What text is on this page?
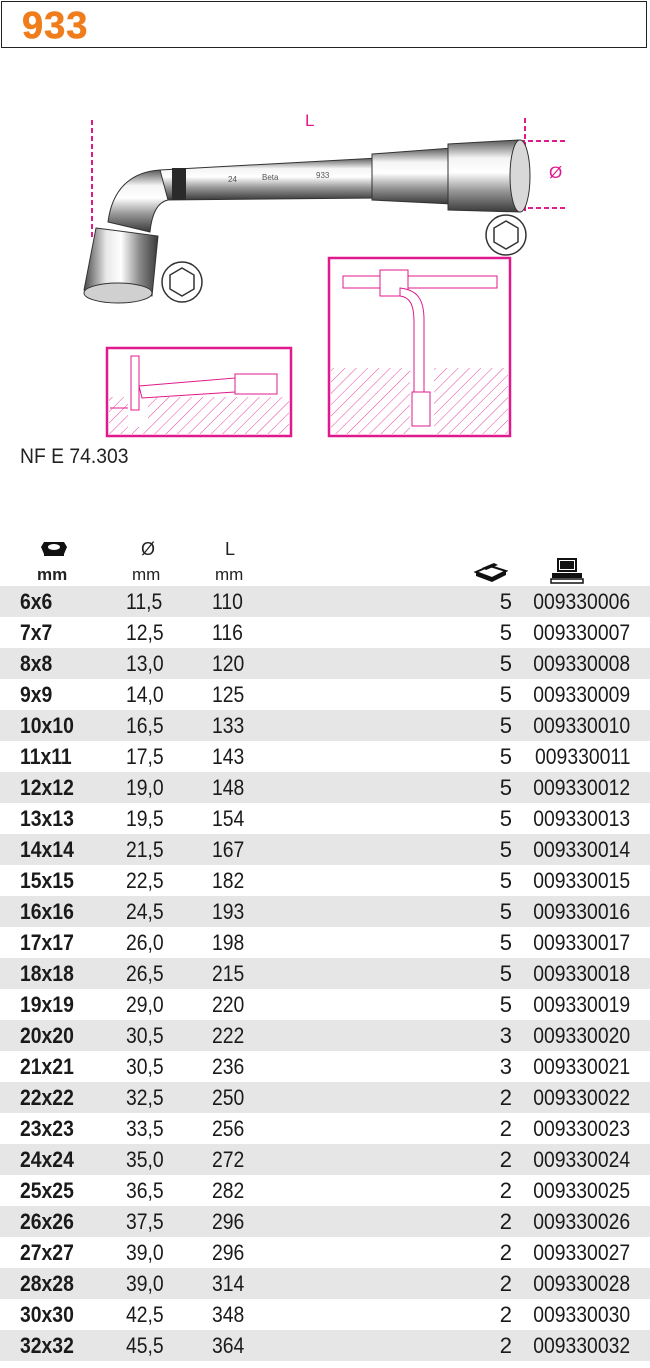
933
L
Ø
24	Beta	933
NF E 74.303
Ø	L
mm	mm	mm
6x6	11,5 110	5 009330006
7x7	12,5 116	5 009330007
8x8	13,0 120	5 009330008
9x9	14,0 125	5 009330009
10x10 16,5 133	5 009330010
11x11 17,5 143	5 009330011
12x12 19,0 148	5 009330012
13x13 19,5 154	5 009330013
14x14 21,5 167	5 009330014
15x15 22,5 182	5 009330015
16x16 24,5 193	5 009330016
17x17 26,0 198	5 009330017
18x18 26,5 215	5 009330018
19x19 29,0 220	5 009330019
20x20 30,5 222	3 009330020
21x21 30,5 236	3 009330021
22x22 32,5 250	2 009330022
23x23 33,5 256	2 009330023
24x24 35,0 272	2 009330024
25x25 36,5 282	2 009330025
26x26 37,5 296	2 009330026
27x27 39,0 296	2 009330027
28x28 39,0 314	2 009330028
30x30 42,5 348	2 009330030
32x32 45,5 364	2 009330032
